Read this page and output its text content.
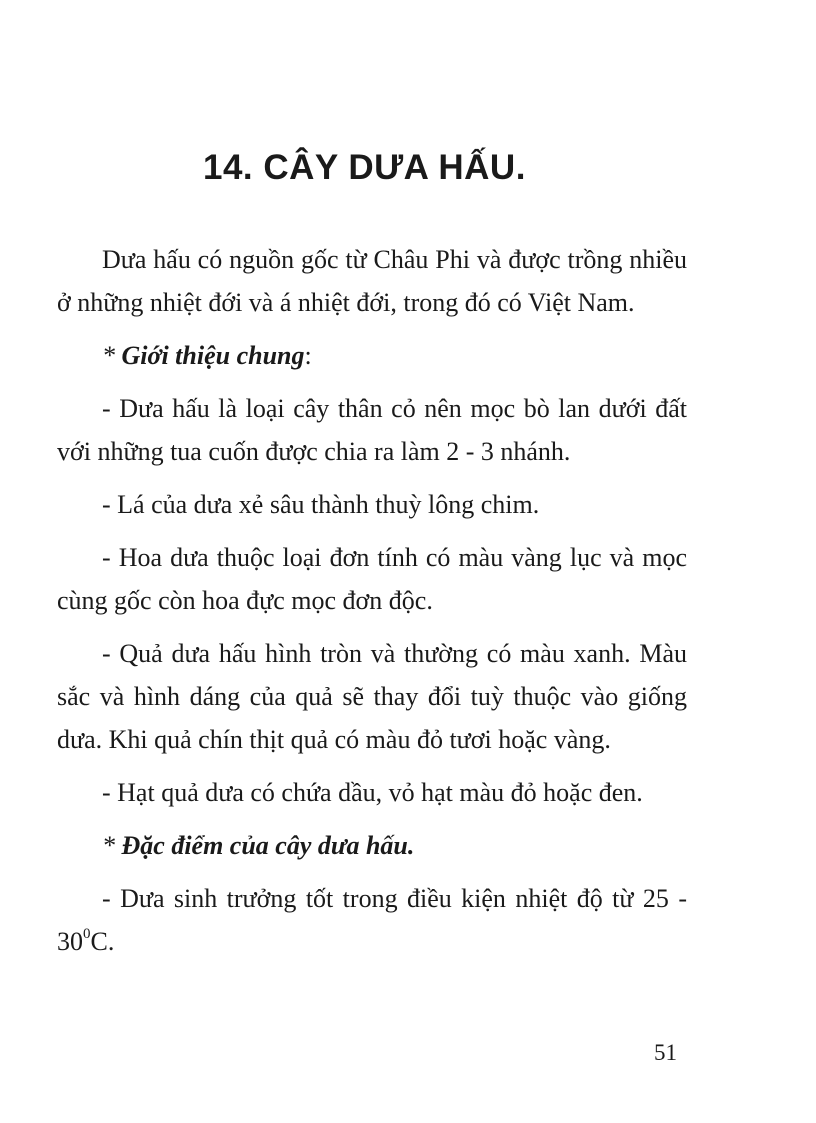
14. CÂY DƯA HẤU.

Dưa hấu có nguồn gốc từ Châu Phi và được trồng nhiều ở những nhiệt đới và á nhiệt đới, trong đó có Việt Nam.

* Giới thiệu chung:

- Dưa hấu là loại cây thân cỏ nên mọc bò lan dưới đất với những tua cuốn được chia ra làm 2 - 3 nhánh.

- Lá của dưa xẻ sâu thành thuỳ lông chim.

- Hoa dưa thuộc loại đơn tính có màu vàng lục và mọc cùng gốc còn hoa đực mọc đơn độc.

- Quả dưa hấu hình tròn và thường có màu xanh. Màu sắc và hình dáng của quả sẽ thay đổi tuỳ thuộc vào giống dưa. Khi quả chín thịt quả có màu đỏ tươi hoặc vàng.

- Hạt quả dưa có chứa dầu, vỏ hạt màu đỏ hoặc đen.

* Đặc điểm của cây dưa hấu.

- Dưa sinh trưởng tốt trong điều kiện nhiệt độ từ $25 - 30^0C$.

51
